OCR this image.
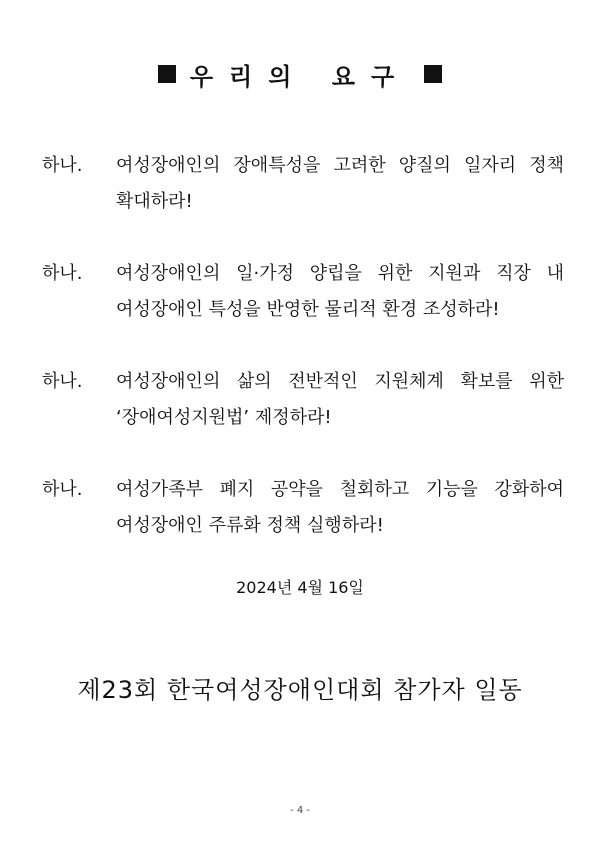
우리의 요구
하나.	여성장애인의 장애특성을 고려한 양질의 일자리 정책
확대하라!
하나.	여성장애인의 일·가정 양립을 위한 지원과 직장 내
여성장애인 특성을 반영한 물리적 환경 조성하라!
하나.	여성장애인의 삶의 전반적인 지원체계 확보를 위한
‘장애여성지원법’ 제정하라!
하나.	여성가족부 폐지 공약을 철회하고 기능을 강화하여
여성장애인 주류화 정책 실행하라!
2024년 4월 16일
제23회 한국여성장애인대회 참가자 일동
- 4 -
